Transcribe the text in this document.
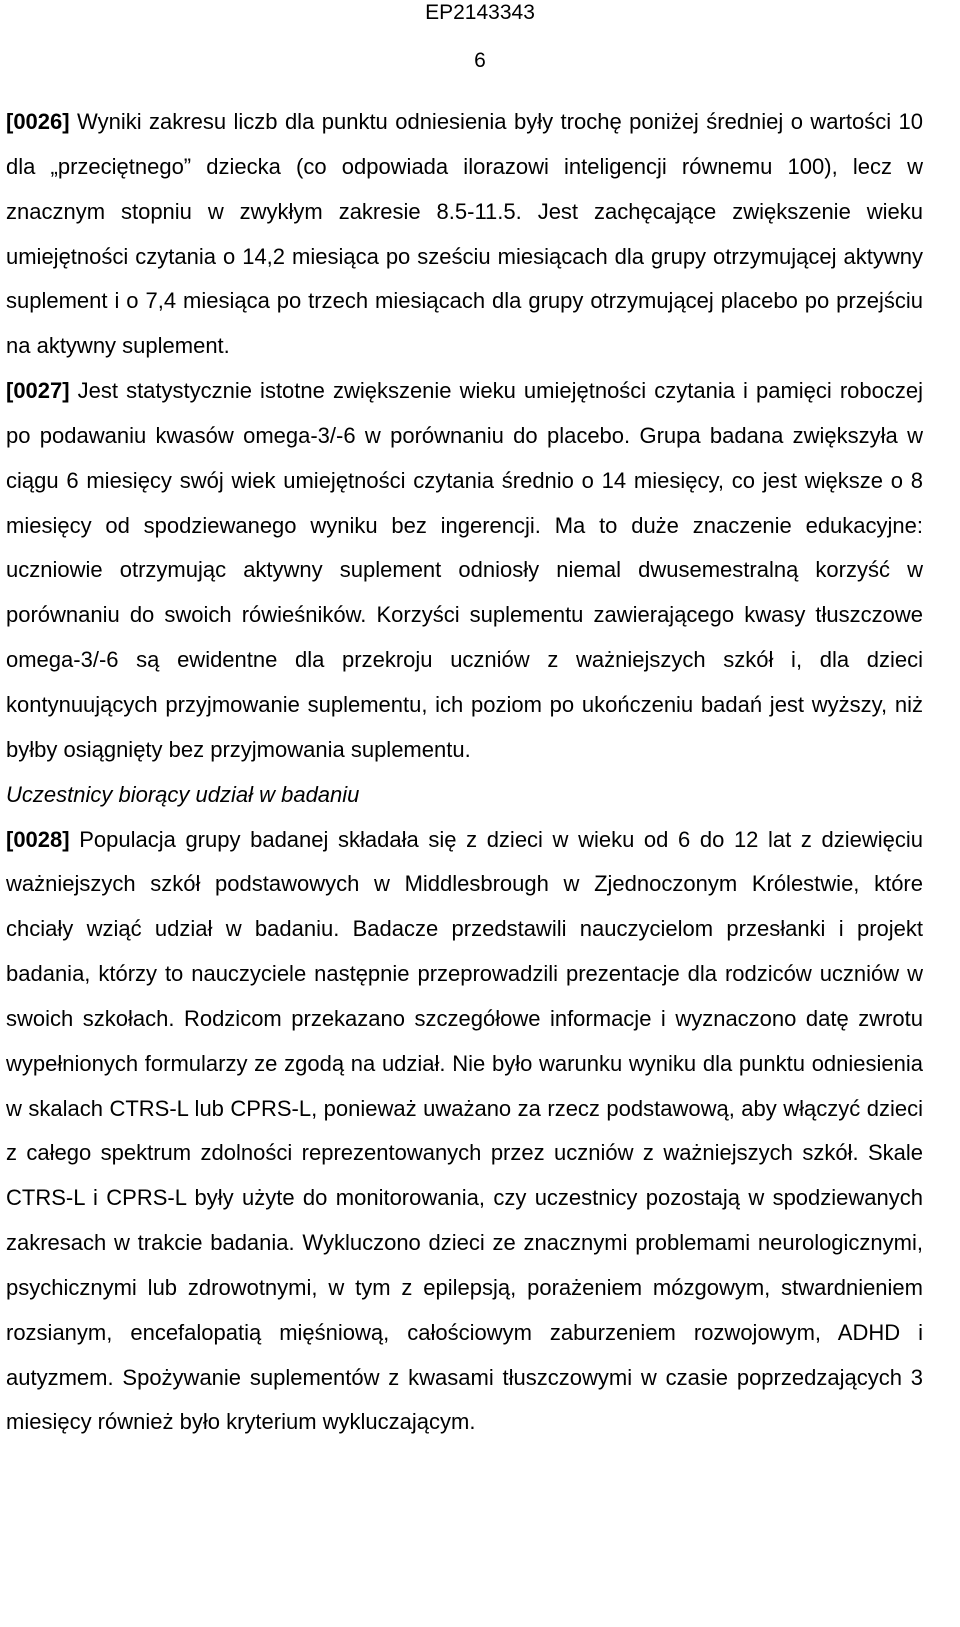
EP2143343
6

[0026] Wyniki zakresu liczb dla punktu odniesienia były trochę poniżej średniej o wartości 10 dla „przeciętnego” dziecka (co odpowiada ilorazowi inteligencji równemu 100), lecz w znacznym stopniu w zwykłym zakresie 8.5-11.5. Jest zachęcające zwiększenie wieku umiejętności czytania o 14,2 miesiąca po sześciu miesiącach dla grupy otrzymującej aktywny suplement i o 7,4 miesiąca po trzech miesiącach dla grupy otrzymującej placebo po przejściu na aktywny suplement.

[0027] Jest statystycznie istotne zwiększenie wieku umiejętności czytania i pamięci roboczej po podawaniu kwasów omega-3/-6 w porównaniu do placebo. Grupa badana zwiększyła w ciągu 6 miesięcy swój wiek umiejętności czytania średnio o 14 miesięcy, co jest większe o 8 miesięcy od spodziewanego wyniku bez ingerencji. Ma to duże znaczenie edukacyjne: uczniowie otrzymując aktywny suplement odniosły niemal dwusemestralną korzyść w porównaniu do swoich rówieśników. Korzyści suplementu zawierającego kwasy tłuszczowe omega-3/-6 są ewidentne dla przekroju uczniów z ważniejszych szkół i, dla dzieci kontynuujących przyjmowanie suplementu, ich poziom po ukończeniu badań jest wyższy, niż byłby osiągnięty bez przyjmowania suplementu.

Uczestnicy biorący udział w badaniu

[0028] Populacja grupy badanej składała się z dzieci w wieku od 6 do 12 lat z dziewięciu ważniejszych szkół podstawowych w Middlesbrough w Zjednoczonym Królestwie, które chciały wziąć udział w badaniu. Badacze przedstawili nauczycielom przesłanki i projekt badania, którzy to nauczyciele następnie przeprowadzili prezentacje dla rodziców uczniów w swoich szkołach. Rodzicom przekazano szczegółowe informacje i wyznaczono datę zwrotu wypełnionych formularzy ze zgodą na udział. Nie było warunku wyniku dla punktu odniesienia w skalach CTRS-L lub CPRS-L, ponieważ uważano za rzecz podstawową, aby włączyć dzieci z całego spektrum zdolności reprezentowanych przez uczniów z ważniejszych szkół. Skale CTRS-L i CPRS-L były użyte do monitorowania, czy uczestnicy pozostają w spodziewanych zakresach w trakcie badania. Wykluczono dzieci ze znacznymi problemami neurologicznymi, psychicznymi lub zdrowotnymi, w tym z epilepsją, porażeniem mózgowym, stwardnieniem rozsianym, encefalopatią mięśniową, całościowym zaburzeniem rozwojowym, ADHD i autyzmem. Spożywanie suplementów z kwasami tłuszczowymi w czasie poprzedzających 3 miesięcy również było kryterium wykluczającym.
